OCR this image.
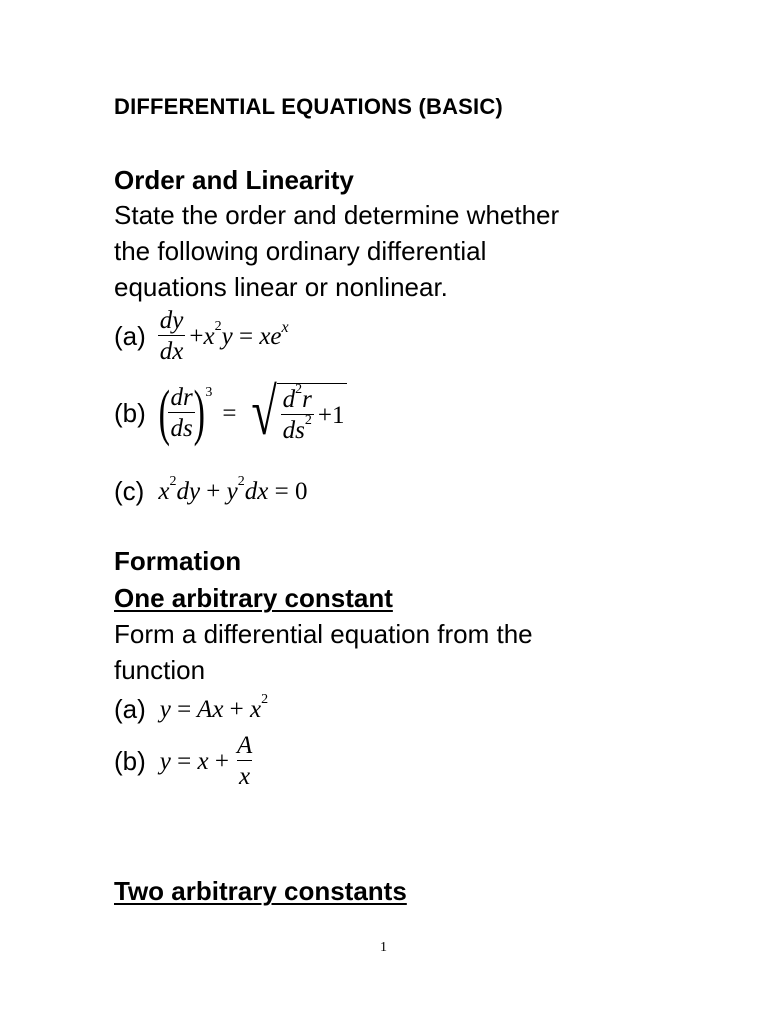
DIFFERENTIAL EQUATIONS (BASIC)
Order and Linearity
State the order and determine whether
the following ordinary differential
equations linear or nonlinear.
$(a) \frac{dy}{dx} +x^2y = xe^x$
(b) (
$\frac{dr}{ds}$
)$^3$
= √ $\frac{d^2r}{ds^2} +1$
(c) $x^2dy + y^2dx = 0$
Formation
One arbitrary constant
Form a differential equation from the
function
(a) $y = Ax + x^2$
(b) $y = x + \frac{A}{x}$
Two arbitrary constants
1
